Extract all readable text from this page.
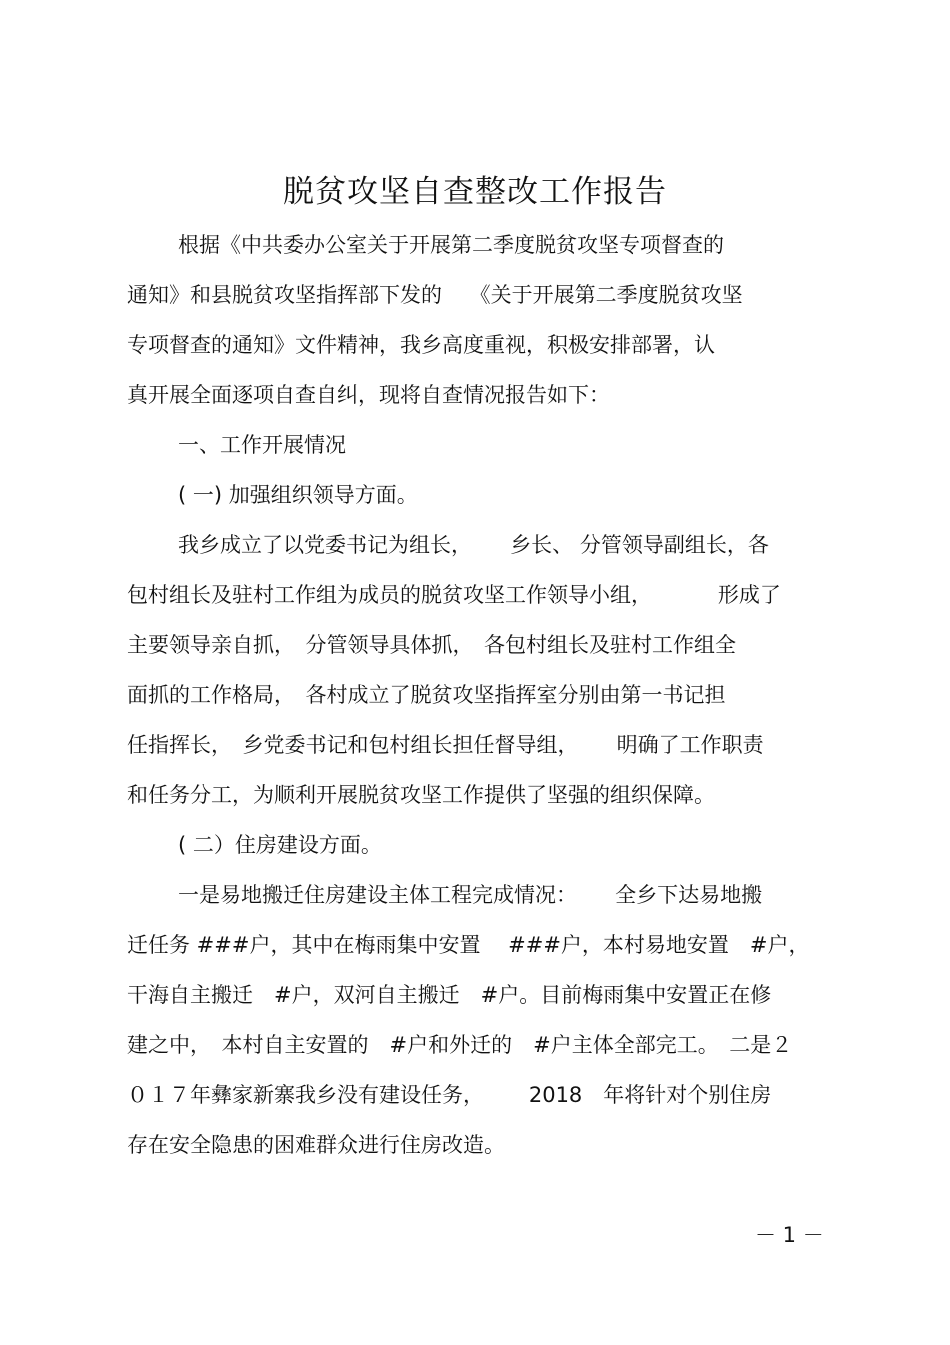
脱贫攻坚自查整改工作报告
根据《中共委办公室关于开展第二季度脱贫攻坚专项督查的
通知》和县脱贫攻坚指挥部下发的　 《关于开展第二季度脱贫攻坚
专项督查的通知》文件精神，我乡高度重视，积极安排部署，认
真开展全面逐项自查自纠，现将自查情况报告如下：
一、工作开展情况
( 一) 加强组织领导方面。
我乡成立了以党委书记为组长，　 　乡长、 分管领导副组长，各
包村组长及驻村工作组为成员的脱贫攻坚工作领导小组，　 　 　形成了
主要领导亲自抓，　分管领导具体抓，　各包村组长及驻村工作组全
面抓的工作格局，　各村成立了脱贫攻坚指挥室分别由第一书记担
任指挥长，　乡党委书记和包村组长担任督导组，　 　明确了工作职责
和任务分工，为顺利开展脱贫攻坚工作提供了坚强的组织保障。
( 二）住房建设方面。
一是易地搬迁住房建设主体工程完成情况：　 　全乡下达易地搬
迁任务 ###户，其中在梅雨集中安置　 ###户，本村易地安置　#户，
干海自主搬迁　#户，双河自主搬迁　#户。目前梅雨集中安置正在修
建之中，　本村自主安置的　#户和外迁的　#户主体全部完工。　二是２
０１７年彝家新寨我乡没有建设任务，　 　 2018　年将针对个别住房
存在安全隐患的困难群众进行住房改造。
－ 1 －
